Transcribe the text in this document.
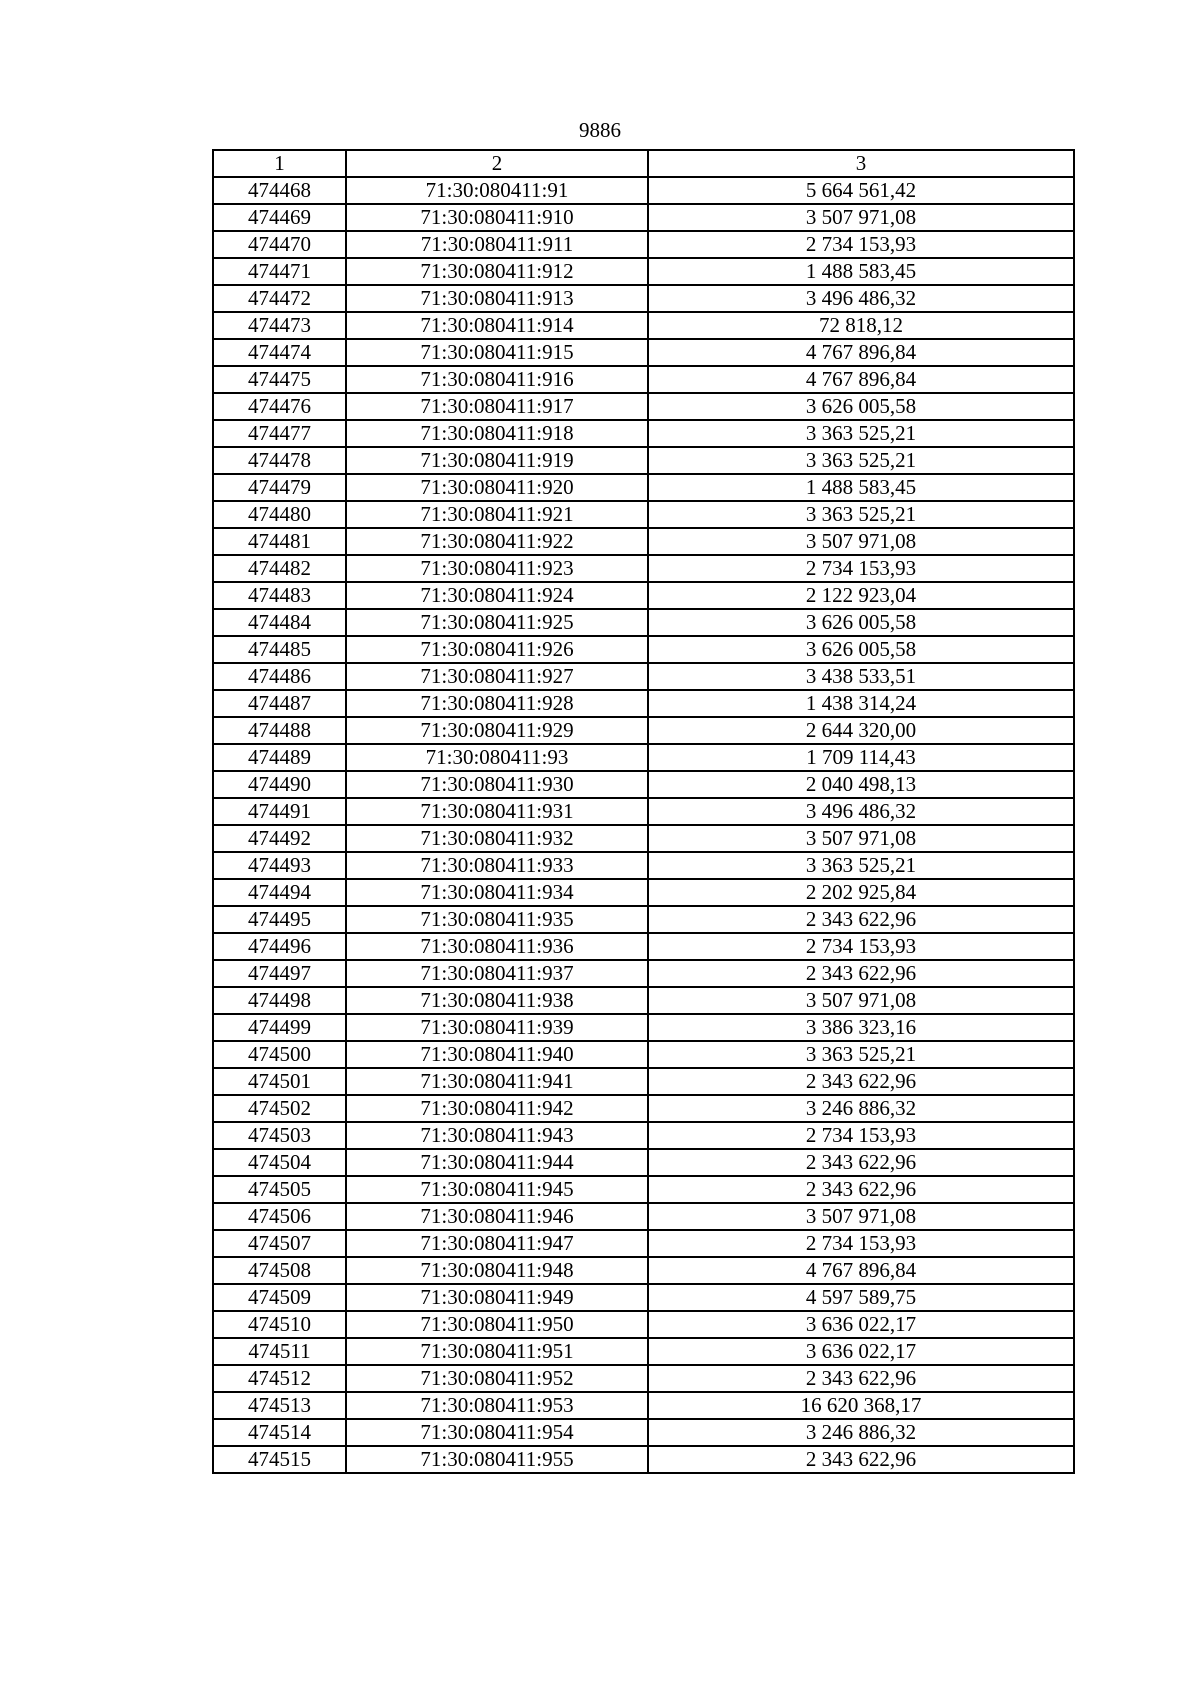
9886
1	2	3
474468	71:30:080411:91	5 664 561,42
474469	71:30:080411:910	3 507 971,08
474470	71:30:080411:911	2 734 153,93
474471	71:30:080411:912	1 488 583,45
474472	71:30:080411:913	3 496 486,32
474473	71:30:080411:914	72 818,12
474474	71:30:080411:915	4 767 896,84
474475	71:30:080411:916	4 767 896,84
474476	71:30:080411:917	3 626 005,58
474477	71:30:080411:918	3 363 525,21
474478	71:30:080411:919	3 363 525,21
474479	71:30:080411:920	1 488 583,45
474480	71:30:080411:921	3 363 525,21
474481	71:30:080411:922	3 507 971,08
474482	71:30:080411:923	2 734 153,93
474483	71:30:080411:924	2 122 923,04
474484	71:30:080411:925	3 626 005,58
474485	71:30:080411:926	3 626 005,58
474486	71:30:080411:927	3 438 533,51
474487	71:30:080411:928	1 438 314,24
474488	71:30:080411:929	2 644 320,00
474489	71:30:080411:93	1 709 114,43
474490	71:30:080411:930	2 040 498,13
474491	71:30:080411:931	3 496 486,32
474492	71:30:080411:932	3 507 971,08
474493	71:30:080411:933	3 363 525,21
474494	71:30:080411:934	2 202 925,84
474495	71:30:080411:935	2 343 622,96
474496	71:30:080411:936	2 734 153,93
474497	71:30:080411:937	2 343 622,96
474498	71:30:080411:938	3 507 971,08
474499	71:30:080411:939	3 386 323,16
474500	71:30:080411:940	3 363 525,21
474501	71:30:080411:941	2 343 622,96
474502	71:30:080411:942	3 246 886,32
474503	71:30:080411:943	2 734 153,93
474504	71:30:080411:944	2 343 622,96
474505	71:30:080411:945	2 343 622,96
474506	71:30:080411:946	3 507 971,08
474507	71:30:080411:947	2 734 153,93
474508	71:30:080411:948	4 767 896,84
474509	71:30:080411:949	4 597 589,75
474510	71:30:080411:950	3 636 022,17
474511	71:30:080411:951	3 636 022,17
474512	71:30:080411:952	2 343 622,96
474513	71:30:080411:953	16 620 368,17
474514	71:30:080411:954	3 246 886,32
474515	71:30:080411:955	2 343 622,96
